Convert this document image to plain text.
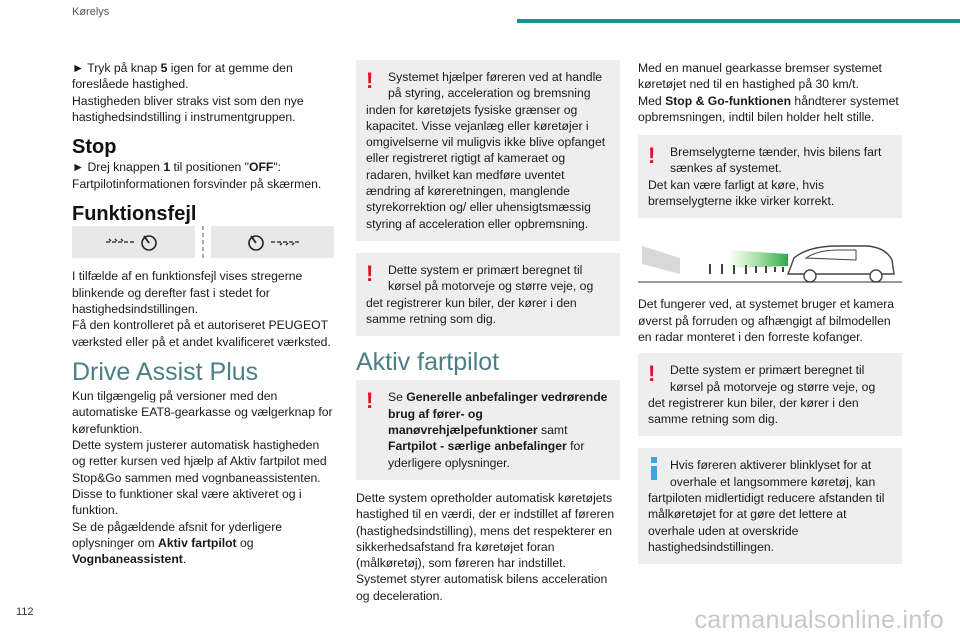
Kørelys

► Tryk på knap 5 igen for at gemme den foreslåede hastighed.

Hastigheden bliver straks vist som den nye hastighedsindstilling i instrumentgruppen.

Stop

► Drej knappen 1 til positionen "OFF": Fartpilotinformationen forsvinder på skærmen.

Funktionsfejl

I tilfælde af en funktionsfejl vises stregerne blinkende og derefter fast i stedet for hastighedsindstillingen.

Få den kontrolleret på et autoriseret PEUGEOT værksted eller på et andet kvalificeret værksted.

Drive Assist Plus

Kun tilgængelig på versioner med den automatiske EAT8-gearkasse og vælgerknap for kørefunktion.

Dette system justerer automatisk hastigheden og retter kursen ved hjælp af Aktiv fartpilot med Stop&Go sammen med vognbaneassistenten.

Disse to funktioner skal være aktiveret og i funktion.

Se de pågældende afsnit for yderligere oplysninger om Aktiv fartpilot og Vognbaneassistent.

!	Systemet hjælper føreren ved at handle
på styring, acceleration og bremsning
inden for køretøjets fysiske grænser og kapacitet. Visse vejanlæg eller køretøjer i omgivelserne vil muligvis ikke blive opfanget eller registreret rigtigt af kameraet og radaren, hvilket kan medføre uventet ændring af køreretningen, manglende styrekorrektion og/ eller uhensigtsmæssig styring af acceleration eller opbremsning.
!	Dette system er primært beregnet til
kørsel på motorveje og større veje, og
det registrerer kun biler, der kører i den samme retning som dig.
Aktiv fartpilot
!	Se Generelle anbefalinger vedrørende brug af fører- og manøvrehjælpefunktioner samt Fartpilot - særlige anbefalinger for yderligere oplysninger.

Dette system opretholder automatisk køretøjets hastighed til en værdi, der er indstillet af føreren (hastighedsindstilling), mens det respekterer en sikkerhedsafstand fra køretøjet foran (målkøretøj), som føreren har indstillet. Systemet styrer automatisk bilens acceleration og deceleration.

Med en manuel gearkasse bremser systemet køretøjet ned til en hastighed på 30 km/t.

Med Stop & Go-funktionen håndterer systemet opbremsningen, indtil bilen holder helt stille.

!	Bremselygterne tænder, hvis bilens fart
sænkes af systemet.
Det kan være farligt at køre, hvis bremselygterne ikke virker korrekt.

Det fungerer ved, at systemet bruger et kamera øverst på forruden og afhængigt af bilmodellen en radar monteret i den forreste kofanger.

!	Dette system er primært beregnet til
kørsel på motorveje og større veje, og
det registrerer kun biler, der kører i den samme retning som dig.
Hvis føreren aktiverer blinklyset for at
overhale et langsommere køretøj, kan
fartpiloten midlertidigt reducere afstanden til målkøretøjet for at gøre det lettere at overhale uden at overskride hastighedsindstillingen.
112	carmanualsonline.info
